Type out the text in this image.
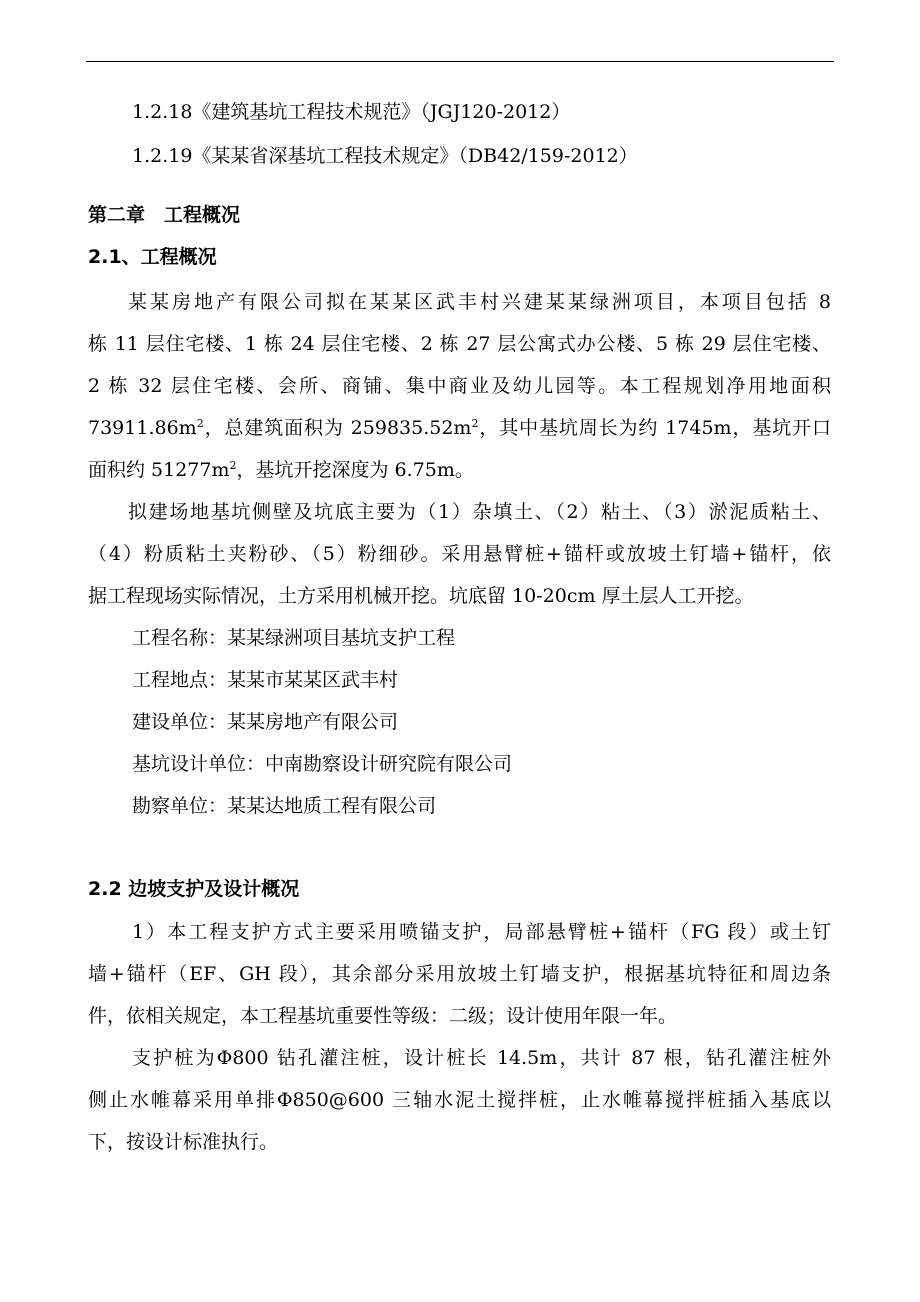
1.2.18《建筑基坑工程技术规范》（JGJ120-2012）
1.2.19《某某省深基坑工程技术规定》（DB42/159-2012）
第二章　工程概况
2.1、工程概况
某某房地产有限公司拟在某某区武丰村兴建某某绿洲项目，本项目包括 8
栋 11 层住宅楼、1 栋 24 层住宅楼、2 栋 27 层公寓式办公楼、5 栋 29 层住宅楼、
2 栋 32 层住宅楼、会所、商铺、集中商业及幼儿园等。本工程规划净用地面积
$73911.86m^2$，总建筑面积为 $259835.52m^2$，其中基坑周长为约 1745m，基坑开口
面积约 $51277m^2$，基坑开挖深度为 6.75m。
拟建场地基坑侧壁及坑底主要为（1）杂填土、（2）粘土、（3）淤泥质粘土、
（4）粉质粘土夹粉砂、（5）粉细砂。采用悬臂桩+锚杆或放坡土钉墙+锚杆，依
据工程现场实际情况，土方采用机械开挖。坑底留 10-20cm 厚土层人工开挖。
工程名称：某某绿洲项目基坑支护工程
工程地点：某某市某某区武丰村
建设单位：某某房地产有限公司
基坑设计单位：中南勘察设计研究院有限公司
勘察单位：某某达地质工程有限公司
2.2 边坡支护及设计概况
1）本工程支护方式主要采用喷锚支护，局部悬臂桩+锚杆（FG 段）或土钉
墙+锚杆（EF、GH 段），其余部分采用放坡土钉墙支护，根据基坑特征和周边条
件，依相关规定，本工程基坑重要性等级：二级；设计使用年限一年。
支护桩为Φ800 钻孔灌注桩，设计桩长 14.5m，共计 87 根，钻孔灌注桩外
侧止水帷幕采用单排Φ850@600 三轴水泥土搅拌桩，止水帷幕搅拌桩插入基底以
下，按设计标准执行。
